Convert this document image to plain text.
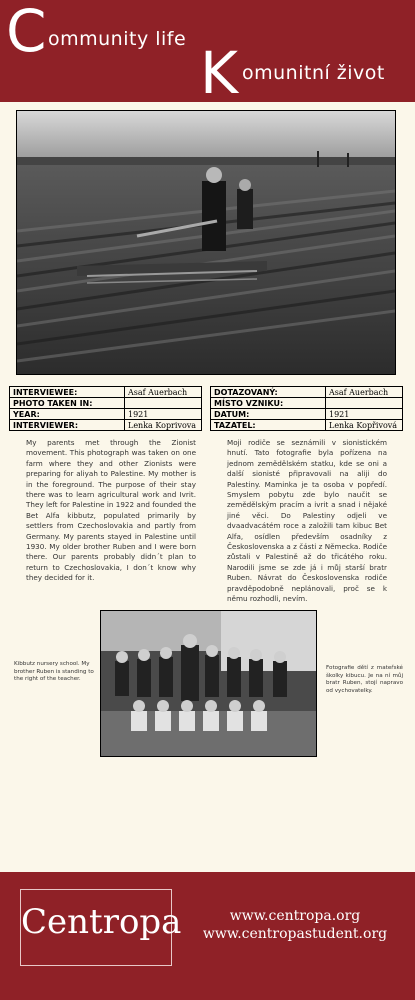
C ommunity life K omunitní život
INTERVIEWEE:	Asaf Auerbach
PHOTO TAKEN IN:	
YEAR:	1921
INTERVIEWER:	Lenka Koprivova
DOTAZOVANÝ:	Asaf Auerbach
MÍSTO VZNIKU:	
DATUM:	1921
TAZATEL:	Lenka Kopřivová
My parents met through the Zionist movement. This photograph was taken on one farm where they and other Zionists were preparing for aliyah to Palestine. My mother is in the foreground. The purpose of their stay there was to learn agricultural work and Ivrit. They left for Palestine in 1922 and founded the Bet Alfa kibbutz, populated primarily by settlers from Czechoslovakia and partly from Germany. My parents stayed in Palestine until 1930. My older brother Ruben and I were born there. Our parents probably didn´t plan to return to Czechoslovakia, I don´t know why they decided for it.
Moji rodiče se seznámili v sionistickém hnutí. Tato fotografie byla pořízena na jednom zemědělském statku, kde se oni a další sionisté připravovali na aliji do Palestiny. Maminka je ta osoba v popředí. Smyslem pobytu zde bylo naučit se zemědělským pracím a ivrit a snad i nějaké jiné věci. Do Palestiny odjeli ve dvaadvacátém roce a založili tam kibuc Bet Alfa, osídlen především osadníky z Československa a z části z Německa. Rodiče zůstali v Palestině až do třicátého roku. Narodili jsme se zde já i můj starší bratr Ruben. Návrat do Československa rodiče pravděpodobně neplánovali, proč se k němu rozhodli, nevím.
Kibbutz nursery school. My brother Ruben is standing to the right of the teacher.
Fotografie dětí z mateřské školky kibucu. Je na ní můj bratr Ruben, stojí napravo od vychovatelky.
Centropa	www.centropa.org
www.centropastudent.org
